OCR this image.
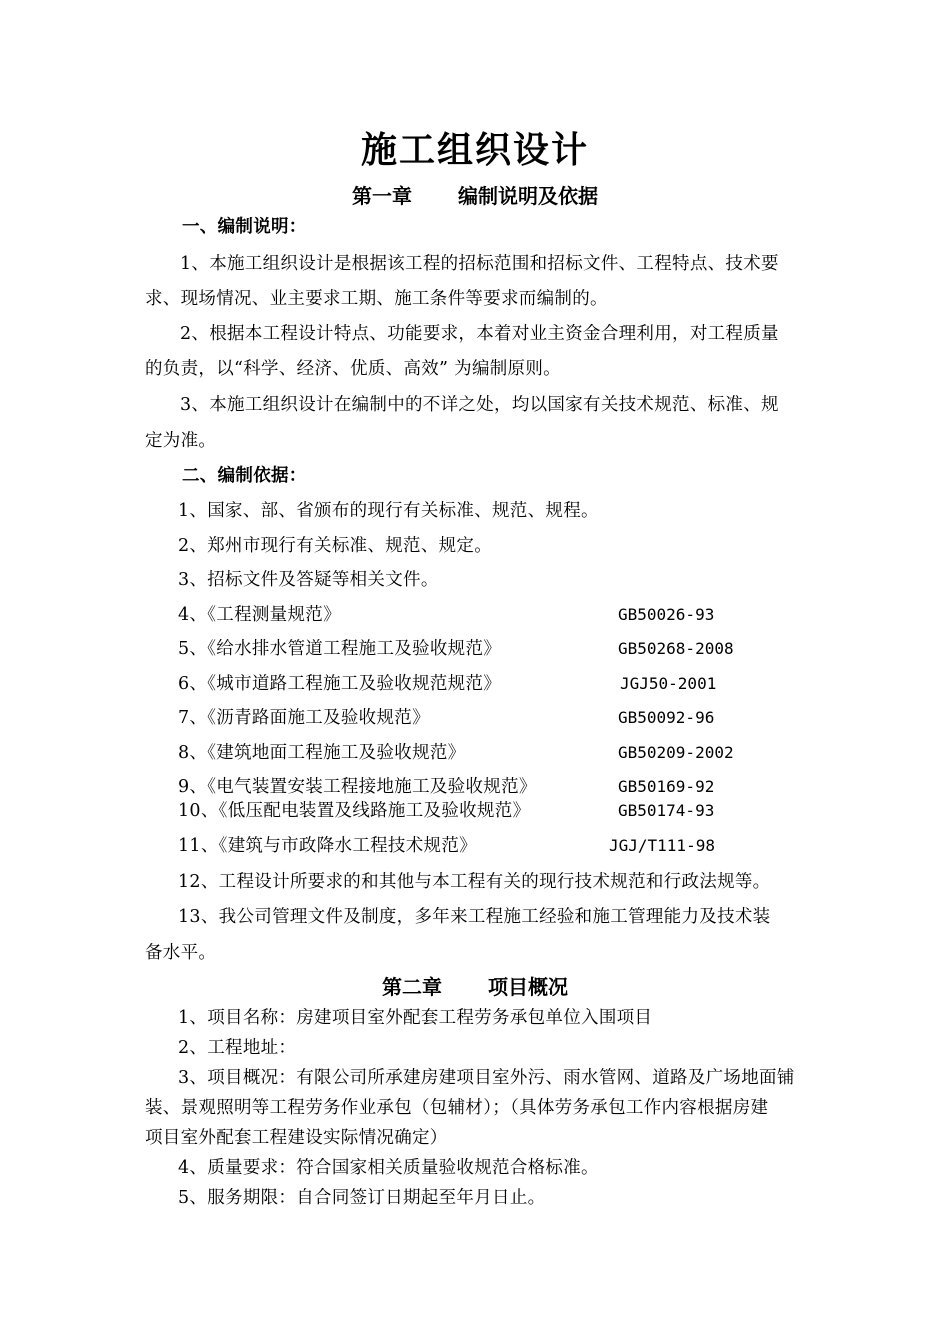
施工组织设计
第一章 编制说明及依据
一、编制说明：
1、本施工组织设计是根据该工程的招标范围和招标文件、工程特点、技术要
求、现场情况、业主要求工期、施工条件等要求而编制的。
2、根据本工程设计特点、功能要求，本着对业主资金合理利用，对工程质量
的负责，以“科学、经济、优质、高效” 为编制原则。
3、本施工组织设计在编制中的不详之处，均以国家有关技术规范、标准、规
定为准。
二、编制依据：
1、国家、部、省颁布的现行有关标准、规范、规程。
2、郑州市现行有关标准、规范、规定。
3、招标文件及答疑等相关文件。
4、《工程测量规范》	GB50026-93
5、《给水排水管道工程施工及验收规范》	GB50268-2008
6、《城市道路工程施工及验收规范规范》	JGJ50-2001
7、《沥青路面施工及验收规范》	GB50092-96
8、《建筑地面工程施工及验收规范》	GB50209-2002
9、《电气装置安装工程接地施工及验收规范》	GB50169-92
10、《低压配电装置及线路施工及验收规范》	GB50174-93
11、《建筑与市政降水工程技术规范》	JGJ/T111-98
12、工程设计所要求的和其他与本工程有关的现行技术规范和行政法规等。
13、我公司管理文件及制度，多年来工程施工经验和施工管理能力及技术装
备水平。
第二章 项目概况
1、项目名称：房建项目室外配套工程劳务承包单位入围项目
2、工程地址：
3、项目概况：有限公司所承建房建项目室外污、雨水管网、道路及广场地面铺
装、景观照明等工程劳务作业承包（包辅材）；（具体劳务承包工作内容根据房建
项目室外配套工程建设实际情况确定）
4、质量要求：符合国家相关质量验收规范合格标准。
5、服务期限：自合同签订日期起至年月日止。
